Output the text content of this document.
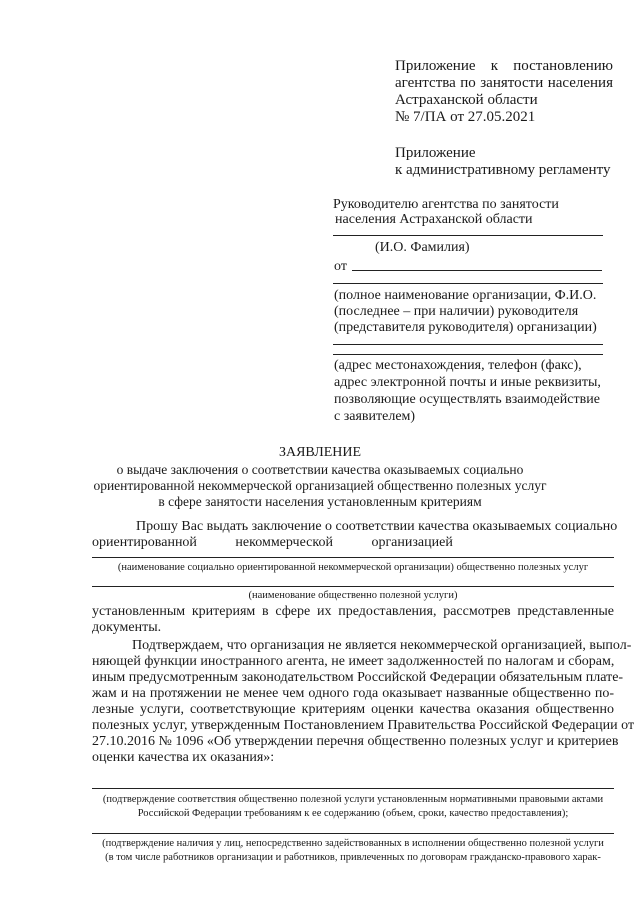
Приложение к постановлению
агентства по занятости населения
Астраханской области
№ 7/ПА от 27.05.2021
Приложение
к административному регламенту
Руководителю агентства по занятости
населения Астраханской области
(И.О. Фамилия)
от
(полное наименование организации, Ф.И.О.
(последнее – при наличии) руководителя
(представителя руководителя) организации)
(адрес местонахождения, телефон (факс),
адрес электронной почты и иные реквизиты,
позволяющие осуществлять взаимодействие
с заявителем)
ЗАЯВЛЕНИЕ
о выдаче заключения о соответствии качества оказываемых социально
ориентированной некоммерческой организацией общественно полезных услуг
в сфере занятости населения установленным критериям
Прошу Вас выдать заключение о соответствии качества оказываемых социально
ориентированной           некоммерческой           организацией
(наименование социально ориентированной некоммерческой организации) общественно полезных услуг
(наименование общественно полезной услуги)
установленным критериям в сфере их предоставления, рассмотрев представленные
документы.
Подтверждаем, что организация не является некоммерческой организацией, выпол-
няющей функции иностранного агента, не имеет задолженностей по налогам и сборам,
иным предусмотренным законодательством Российской Федерации обязательным плате-
жам и на протяжении не менее чем одного года оказывает названные общественно по-
лезные услуги, соответствующие критериям оценки качества оказания общественно
полезных услуг, утвержденным Постановлением Правительства Российской Федерации от
27.10.2016 № 1096 «Об утверждении перечня общественно полезных услуг и критериев
оценки качества их оказания»:
(подтверждение соответствия общественно полезной услуги установленным нормативными правовыми актами
Российской Федерации требованиям к ее содержанию (объем, сроки, качество предоставления);
(подтверждение наличия у лиц, непосредственно задействованных в исполнении общественно полезной услуги
(в том числе работников организации и работников, привлеченных по договорам гражданско-правового харак-
